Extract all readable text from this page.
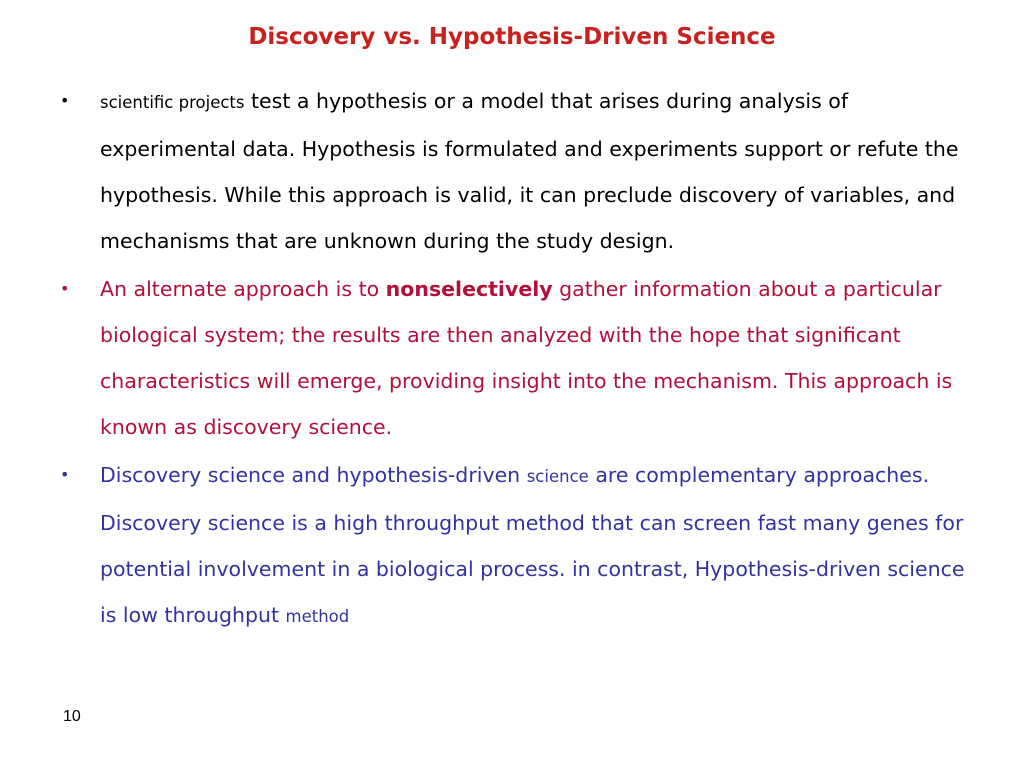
Discovery vs. Hypothesis-Driven Science
•	scientific projects test a hypothesis or a model that arises during analysis of experimental data. Hypothesis is formulated and experiments support or refute the hypothesis. While this approach is valid, it can preclude discovery of variables, and mechanisms that are unknown during the study design.
•	An alternate approach is to nonselectively gather information about a particular biological system; the results are then analyzed with the hope that significant characteristics will emerge, providing insight into the mechanism. This approach is known as discovery science.
•	Discovery science and hypothesis-driven science are complementary approaches. Discovery science is a high throughput method that can screen fast many genes for potential involvement in a biological process. in contrast, Hypothesis-driven science is low throughput method
10
